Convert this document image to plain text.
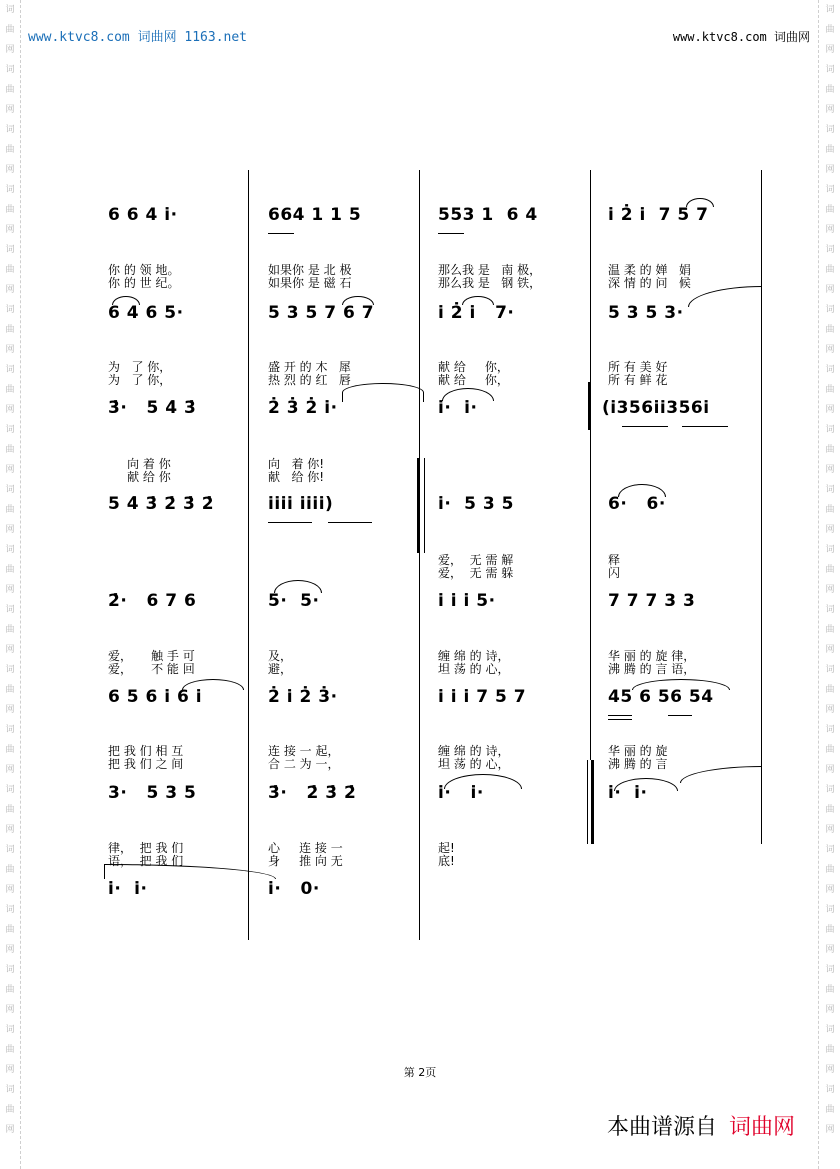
词
曲
网
词
曲
网
词
曲
网
词
曲
网
词
曲
网
词
曲
网
词
曲
网
词
曲
网
词
曲
网
词
曲
网
词
曲
网
词
曲
网
词
曲
网
词
曲
网
词
曲
网
词
曲
网
词
曲
网
词
曲
网
词
曲
网
词
曲
网
词
曲
网
词
曲
网
词
曲
网
词
曲
网
词
曲
网
词
曲
网
词
曲
网
词
曲
网
词
曲
网
词
曲
网
词
曲
网
词
曲
网
词
曲
网
词
曲
网
词
曲
网
词
曲
网
词
曲
网
词
曲
网
www.ktvc8.com 词曲网 1163.net	www.ktvc8.com 词曲网
6 6 4 i̇·	664 1 1 5	553 1  6 4	i̇ 2̇ i̇  7 5 7
你 的 领 地。	如果你 是 北 极	那么我 是   南 极，	温 柔 的 婵   娟
你 的 世 纪。	如果你 是 磁 石	那么我 是   钢 铁，	深 情 的 问   候
6 4 6 5·	5 3 5 7 6 7	i̇ 2̇ i̇   7·	5 3 5 3·
为   了 你，	盛 开 的 木   犀	献 给     你，	所 有 美 好
为   了 你，	热 烈 的 红   唇	献 给     你，	所 有 鲜 花
3̇·   5 4̇ 3̇	2̇ 3̇ 2̇ i̇·	i̇·  i̇·	(i̇356i̇i̇356i̇
向 着 你	向   着 你!
献 给 你	献   给 你!
5 4̇ 3̇ 2̇ 3̇ 2̇	i̇i̇i̇i̇ i̇i̇i̇i̇)	i̇·  5 3 5	6·   6·
爱，  无 需 解	释
爱，  无 需 躲	闪
2̇·   6 7 6	5·  5·	i̇ i̇ i̇ 5·	7 7 7 3 3
爱，     触 手 可	及，	缠 绵 的 诗，	华 丽 的 旋 律，
爱，     不 能 回	避，	坦 荡 的 心，	沸 腾 的 言 语，
6 5 6 i̇ 6 i̇	2̇ i̇ 2̇ 3̇·	i̇ i̇ i̇ 7 5 7	45 6 56 54
把 我 们 相 互	连 接 一 起，	缠 绵 的 诗，	华 丽 的 旋
把 我 们 之 间	合 二 为 一，	坦 荡 的 心，	沸 腾 的 言
3·   5 3 5	3̇·   2̇ 3̇ 2̇	i̇·   i̇·	i̇·  i̇·
律，  把 我 们	心     连 接 一	起!
语，  把 我 们	身     推 向 无	底!
i̇·  i̇·	i̇·   0·
第 2页
本曲谱源自 词曲网
